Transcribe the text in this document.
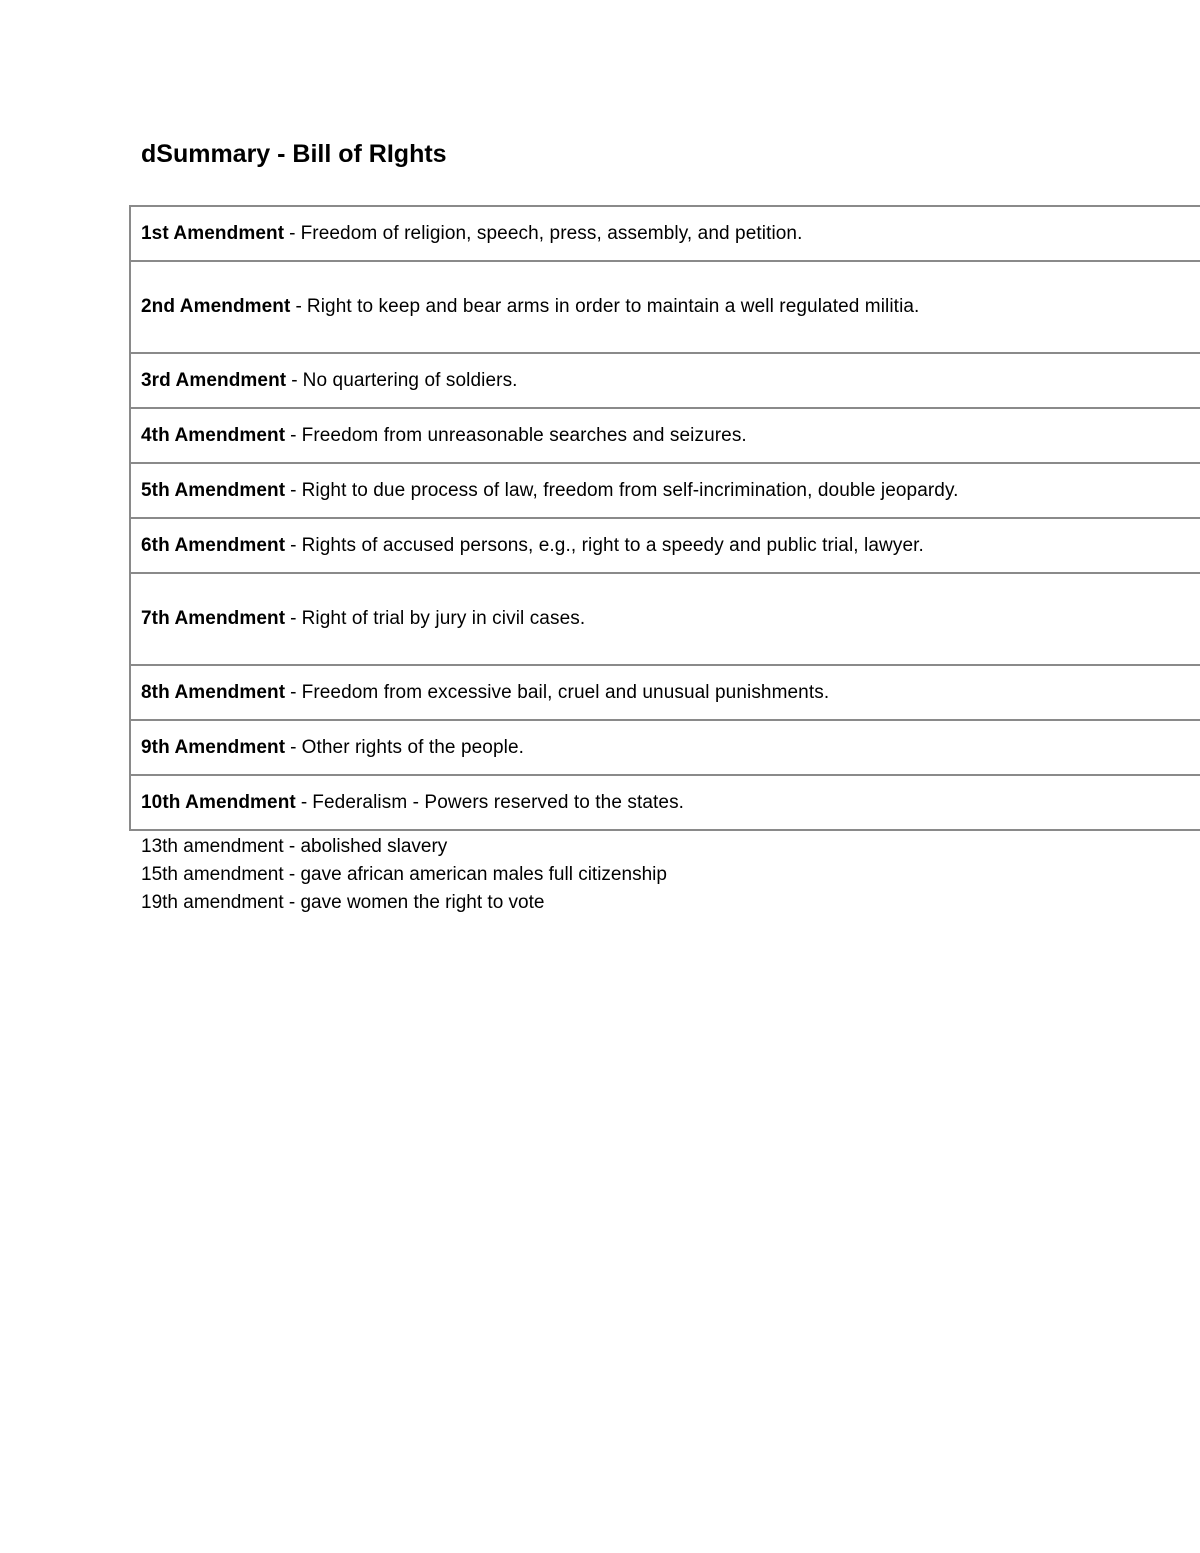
dSummary - Bill of RIghts
1st Amendment - Freedom of religion, speech, press, assembly, and petition.
2nd Amendment - Right to keep and bear arms in order to maintain a well regulated militia.
3rd Amendment - No quartering of soldiers.
4th Amendment - Freedom from unreasonable searches and seizures.
5th Amendment - Right to due process of law, freedom from self-incrimination, double jeopardy.
6th Amendment - Rights of accused persons, e.g., right to a speedy and public trial, lawyer.
7th Amendment - Right of trial by jury in civil cases.
8th Amendment - Freedom from excessive bail, cruel and unusual punishments.
9th Amendment - Other rights of the people.
10th Amendment - Federalism - Powers reserved to the states.
13th amendment - abolished slavery
15th amendment - gave african american males full citizenship
19th amendment - gave women the right to vote
